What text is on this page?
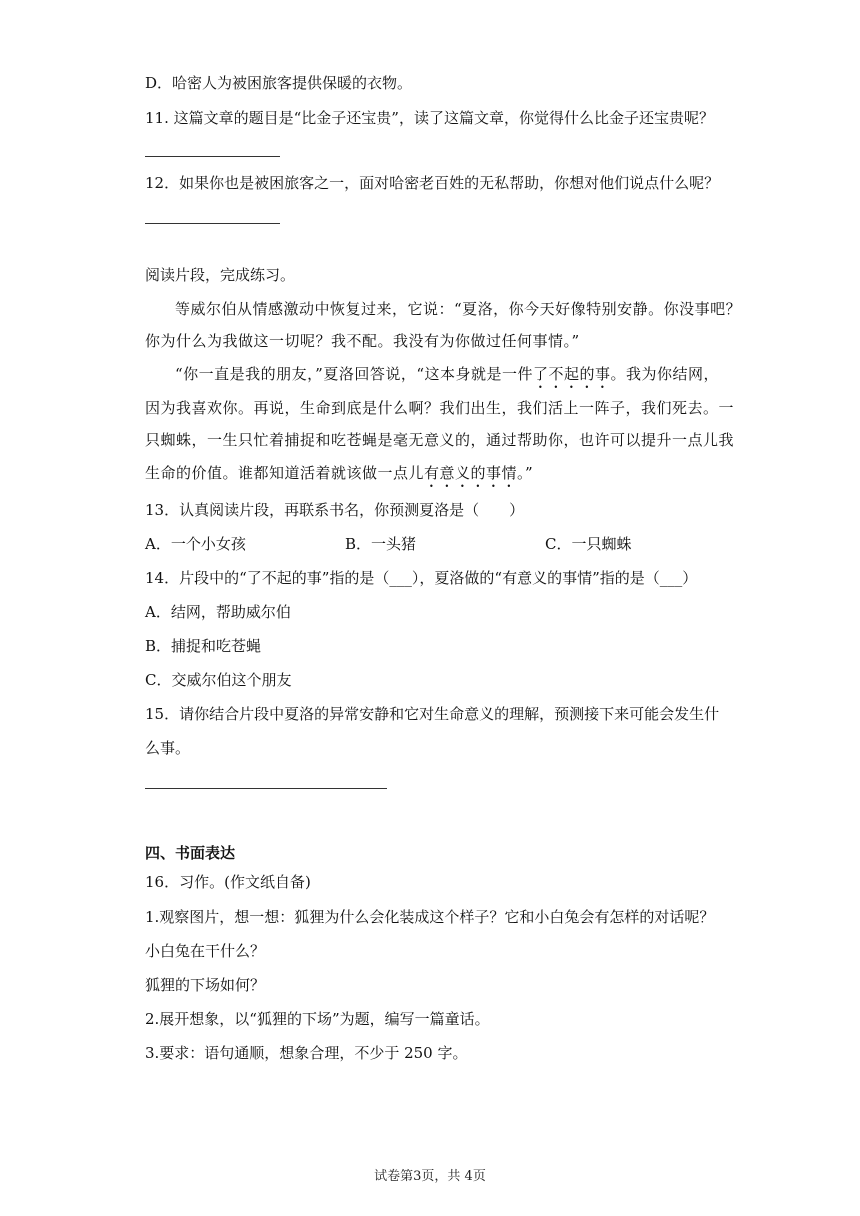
D．哈密人为被困旅客提供保暖的衣物。
11. 这篇文章的题目是“比金子还宝贵”，读了这篇文章，你觉得什么比金子还宝贵呢？
12．如果你也是被困旅客之一，面对哈密老百姓的无私帮助，你想对他们说点什么呢？
阅读片段，完成练习。
等威尔伯从情感激动中恢复过来，它说：“夏洛，你今天好像特别安静。你没事吧？
你为什么为我做这一切呢？我不配。我没有为你做过任何事情。”
“你一直是我的朋友，”夏洛回答说，“这本身就是一件了不起的事。我为你结网，
因为我喜欢你。再说，生命到底是什么啊？我们出生，我们活上一阵子，我们死去。一
只蜘蛛，一生只忙着捕捉和吃苍蝇是毫无意义的，通过帮助你，也许可以提升一点儿我
生命的价值。谁都知道活着就该做一点儿有意义的事情。”
13．认真阅读片段，再联系书名，你预测夏洛是（　　）
A．一个小女孩	B．一头猪	C．一只蜘蛛
14．片段中的“了不起的事”指的是（___），夏洛做的“有意义的事情”指的是（___）
A．结网，帮助威尔伯
B．捕捉和吃苍蝇
C．交威尔伯这个朋友
15．请你结合片段中夏洛的异常安静和它对生命意义的理解，预测接下来可能会发生什
么事。
四、书面表达
16．习作。(作文纸自备)
1.观察图片，想一想：狐狸为什么会化装成这个样子？它和小白兔会有怎样的对话呢？
小白兔在干什么？
狐狸的下场如何？
2.展开想象，以“狐狸的下场”为题，编写一篇童话。
3.要求：语句通顺，想象合理，不少于 250 字。
试卷第3页，共 4页
